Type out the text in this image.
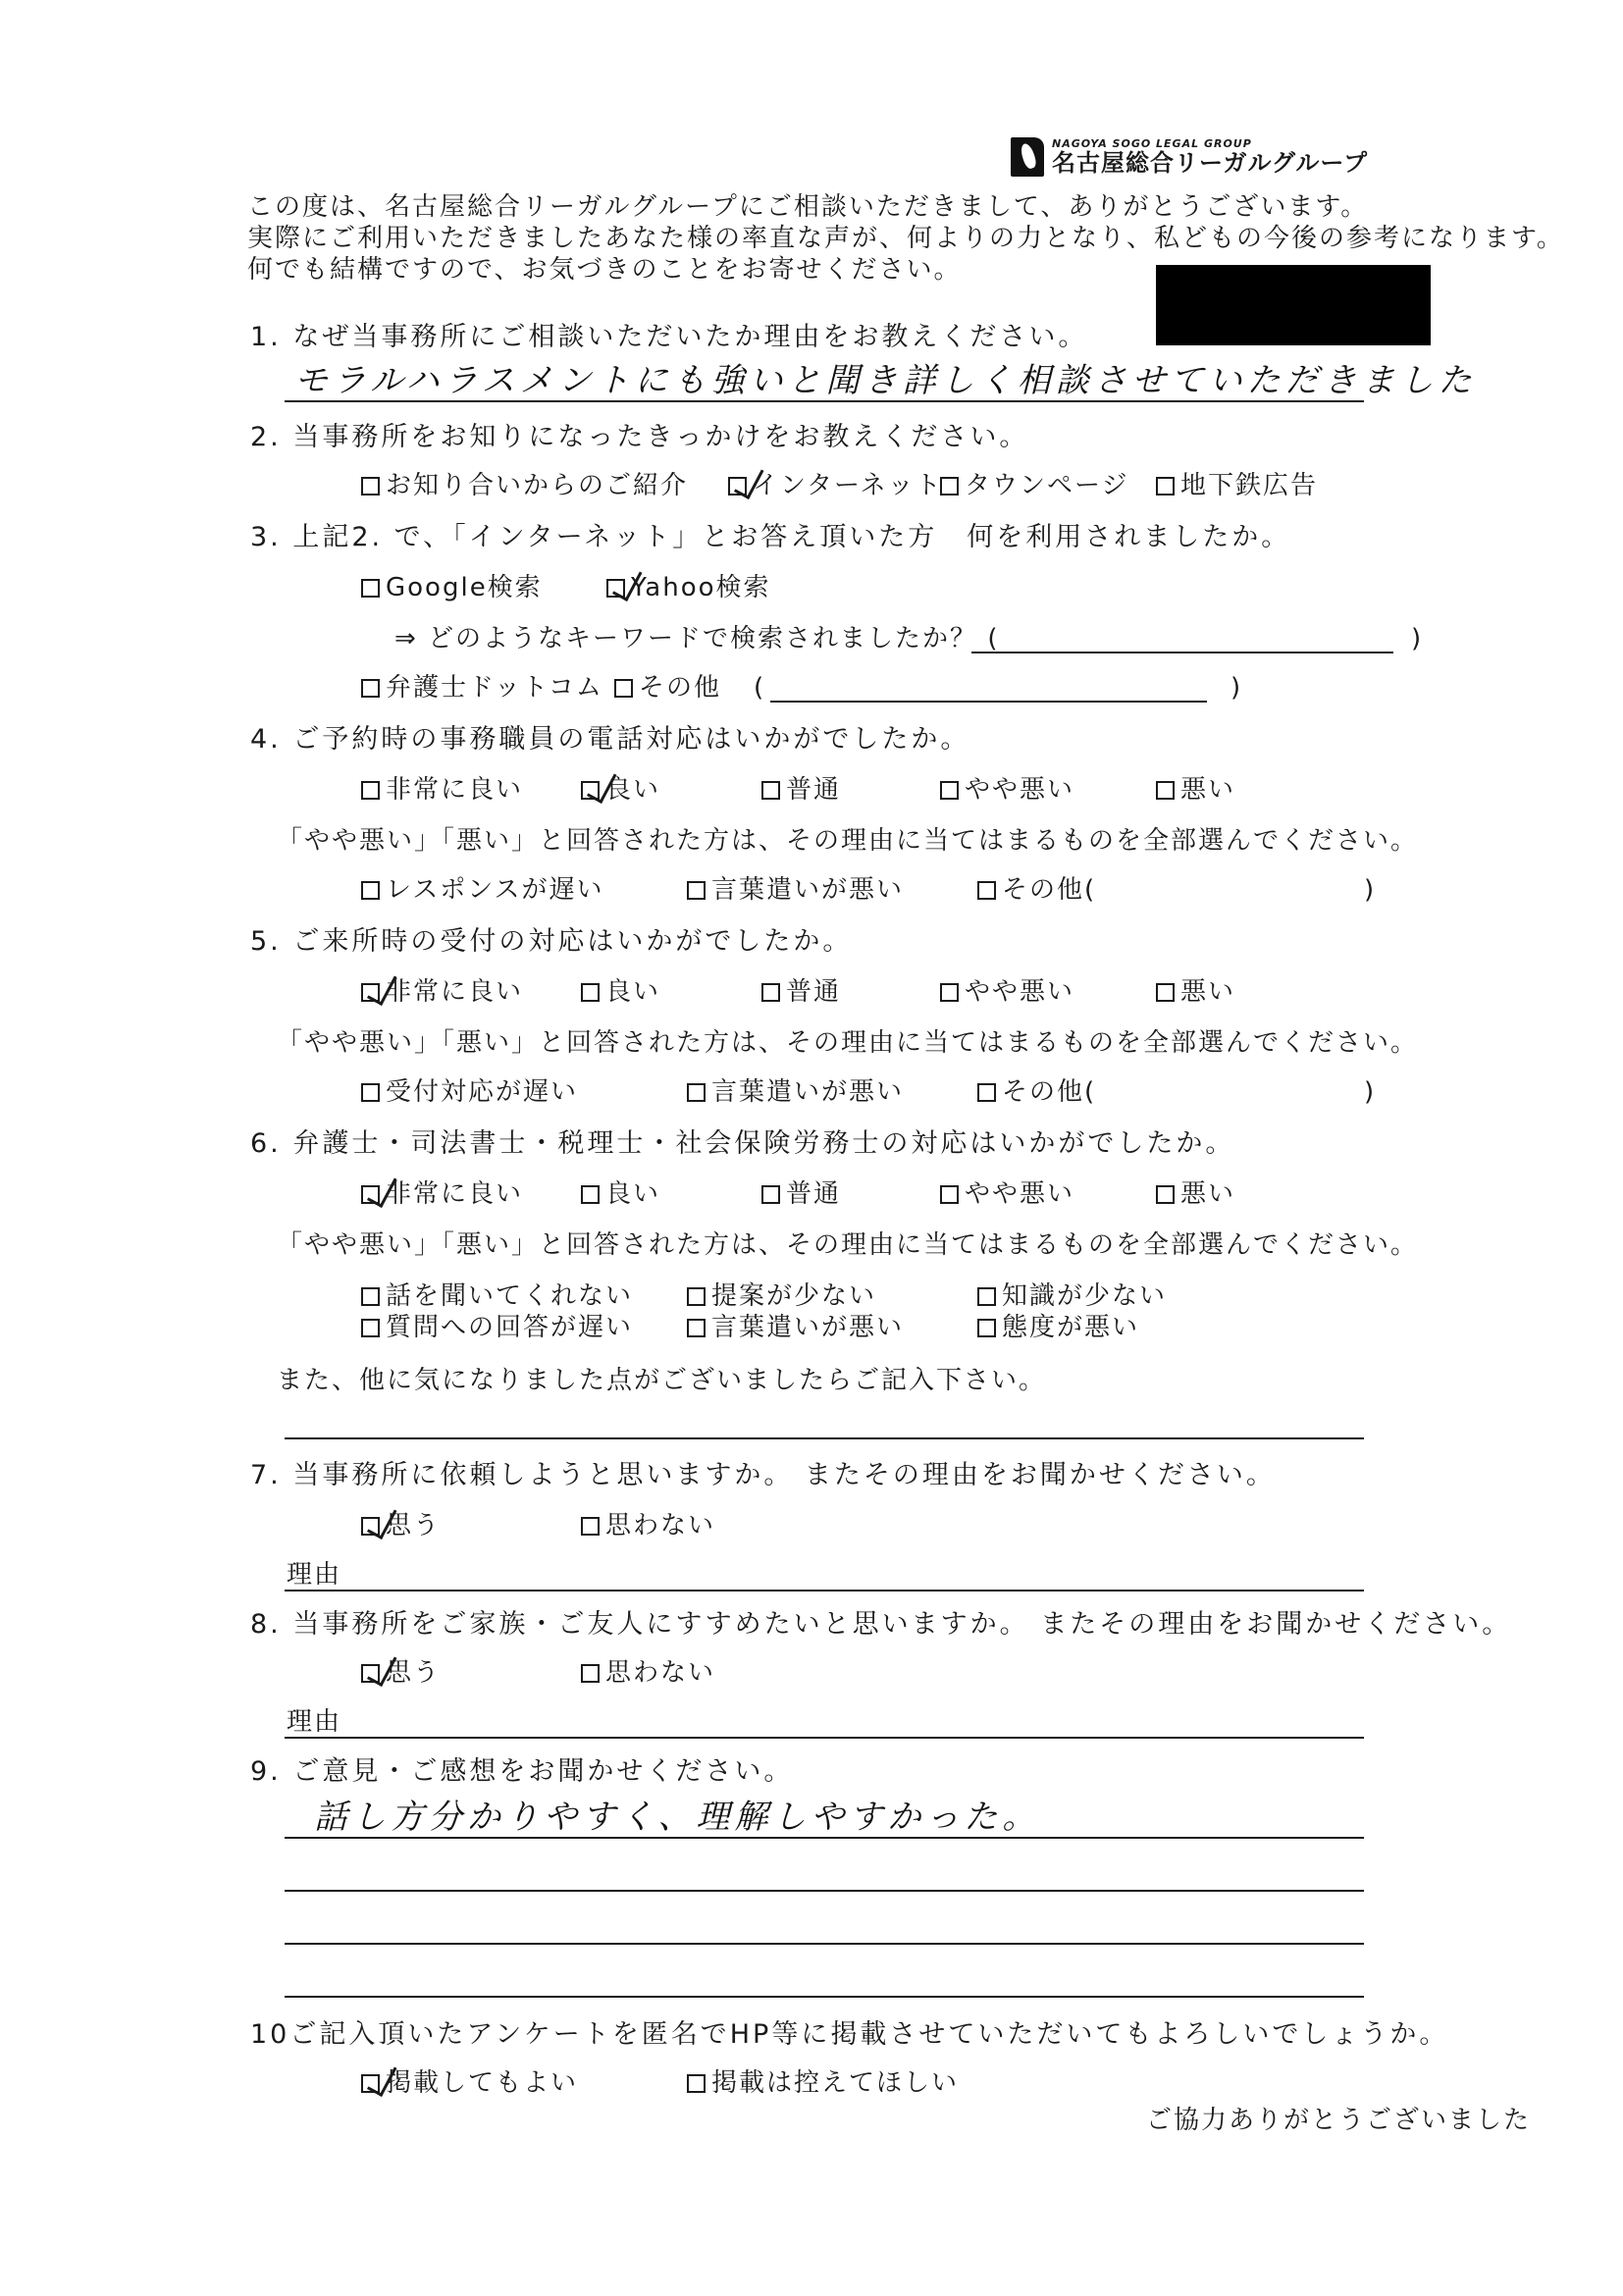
NAGOYA SOGO LEGAL GROUP
名古屋総合リーガルグループ
この度は、名古屋総合リーガルグループにご相談いただきまして、ありがとうございます。
実際にご利用いただきましたあなた様の率直な声が、何よりの力となり、私どもの今後の参考になります。
何でも結構ですので、お気づきのことをお寄せください。
1. なぜ当事務所にご相談いただいたか理由をお教えください。
モラルハラスメントにも強いと聞き詳しく相談させていただきました
2. 当事務所をお知りになったきっかけをお教えください。
お知り合いからのご紹介	インターネット タウンページ 地下鉄広告
3. 上記2. で、「インターネット」とお答え頂いた方　何を利用されましたか。
Google検索	Yahoo検索
⇒ どのようなキーワードで検索されましたか？ (	)
弁護士ドットコム その他 (	)
4. ご予約時の事務職員の電話対応はいかがでしたか。
非常に良い	良い	普通	やや悪い	悪い
「やや悪い」「悪い」と回答された方は、その理由に当てはまるものを全部選んでください。
レスポンスが遅い	言葉遣いが悪い	その他(	)
5. ご来所時の受付の対応はいかがでしたか。
非常に良い	良い	普通	やや悪い	悪い
「やや悪い」「悪い」と回答された方は、その理由に当てはまるものを全部選んでください。
受付対応が遅い	言葉遣いが悪い	その他(	)
6. 弁護士・司法書士・税理士・社会保険労務士の対応はいかがでしたか。
非常に良い	良い	普通	やや悪い	悪い
「やや悪い」「悪い」と回答された方は、その理由に当てはまるものを全部選んでください。
話を聞いてくれない	提案が少ない	知識が少ない
質問への回答が遅い	言葉遣いが悪い	態度が悪い
また、他に気になりました点がございましたらご記入下さい。
7. 当事務所に依頼しようと思いますか。 またその理由をお聞かせください。
思う	思わない
理由
8. 当事務所をご家族・ご友人にすすめたいと思いますか。 またその理由をお聞かせください。
思う	思わない
理由
9. ご意見・ご感想をお聞かせください。
話し方分かりやすく、理解しやすかった。
10ご記入頂いたアンケートを匿名でHP等に掲載させていただいてもよろしいでしょうか。
掲載してもよい	掲載は控えてほしい
ご協力ありがとうございました
